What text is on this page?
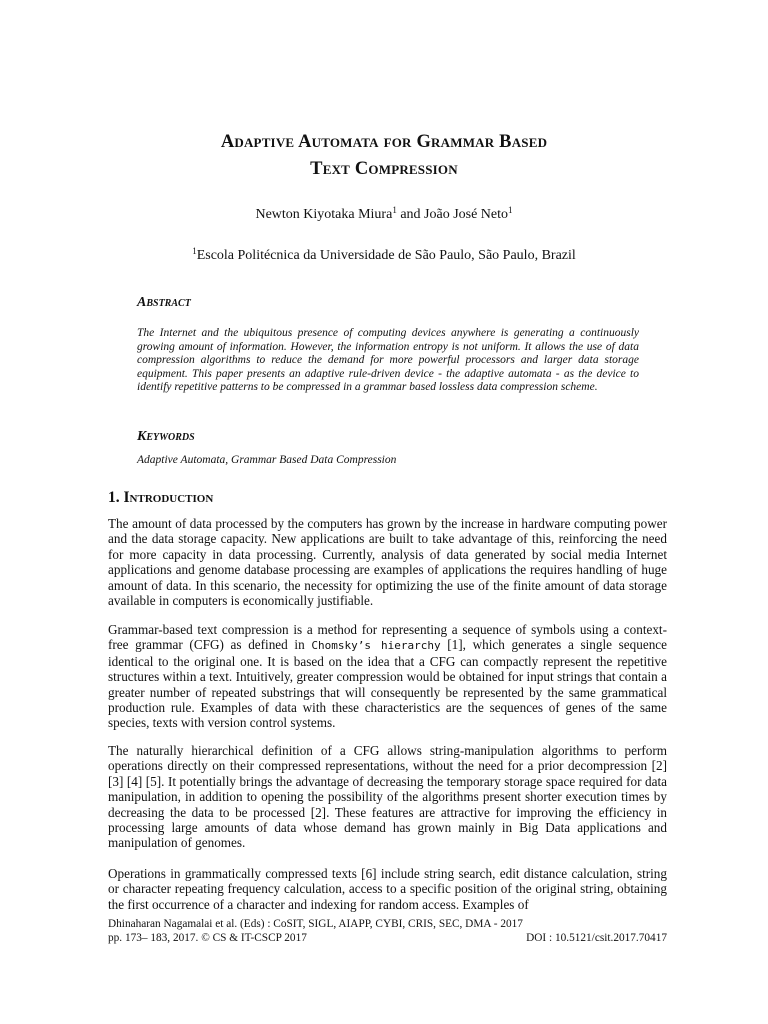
Adaptive Automata for Grammar Based
Text Compression
Newton Kiyotaka Miura$^1$ and João José Neto$^1$
$^1$Escola Politécnica da Universidade de São Paulo, São Paulo, Brazil
Abstract
The Internet and the ubiquitous presence of computing devices anywhere is generating a continuously growing amount of information. However, the information entropy is not uniform. It allows the use of data compression algorithms to reduce the demand for more powerful processors and larger data storage equipment. This paper presents an adaptive rule-driven device - the adaptive automata - as the device to identify repetitive patterns to be compressed in a grammar based lossless data compression scheme.
Keywords
Adaptive Automata, Grammar Based Data Compression
1. Introduction
The amount of data processed by the computers has grown by the increase in hardware computing power and the data storage capacity. New applications are built to take advantage of this, reinforcing the need for more capacity in data processing. Currently, analysis of data generated by social media Internet applications and genome database processing are examples of applications the requires handling of huge amount of data. In this scenario, the necessity for optimizing the use of the finite amount of data storage available in computers is economically justifiable.
Grammar-based text compression is a method for representing a sequence of symbols using a context-free grammar (CFG) as defined in Chomsky’s hierarchy [1], which generates a single sequence identical to the original one. It is based on the idea that a CFG can compactly represent the repetitive structures within a text. Intuitively, greater compression would be obtained for input strings that contain a greater number of repeated substrings that will consequently be represented by the same grammatical production rule. Examples of data with these characteristics are the sequences of genes of the same species, texts with version control systems.
The naturally hierarchical definition of a CFG allows string-manipulation algorithms to perform operations directly on their compressed representations, without the need for a prior decompression [2] [3] [4] [5]. It potentially brings the advantage of decreasing the temporary storage space required for data manipulation, in addition to opening the possibility of the algorithms present shorter execution times by decreasing the data to be processed [2]. These features are attractive for improving the efficiency in processing large amounts of data whose demand has grown mainly in Big Data applications and manipulation of genomes.
Operations in grammatically compressed texts [6] include string search, edit distance calculation, string or character repeating frequency calculation, access to a specific position of the original string, obtaining the first occurrence of a character and indexing for random access. Examples of
Dhinaharan Nagamalai et al. (Eds) : CoSIT, SIGL, AIAPP, CYBI, CRIS, SEC, DMA - 2017
pp. 173– 183, 2017. © CS & IT-CSCP 2017	DOI : 10.5121/csit.2017.70417
